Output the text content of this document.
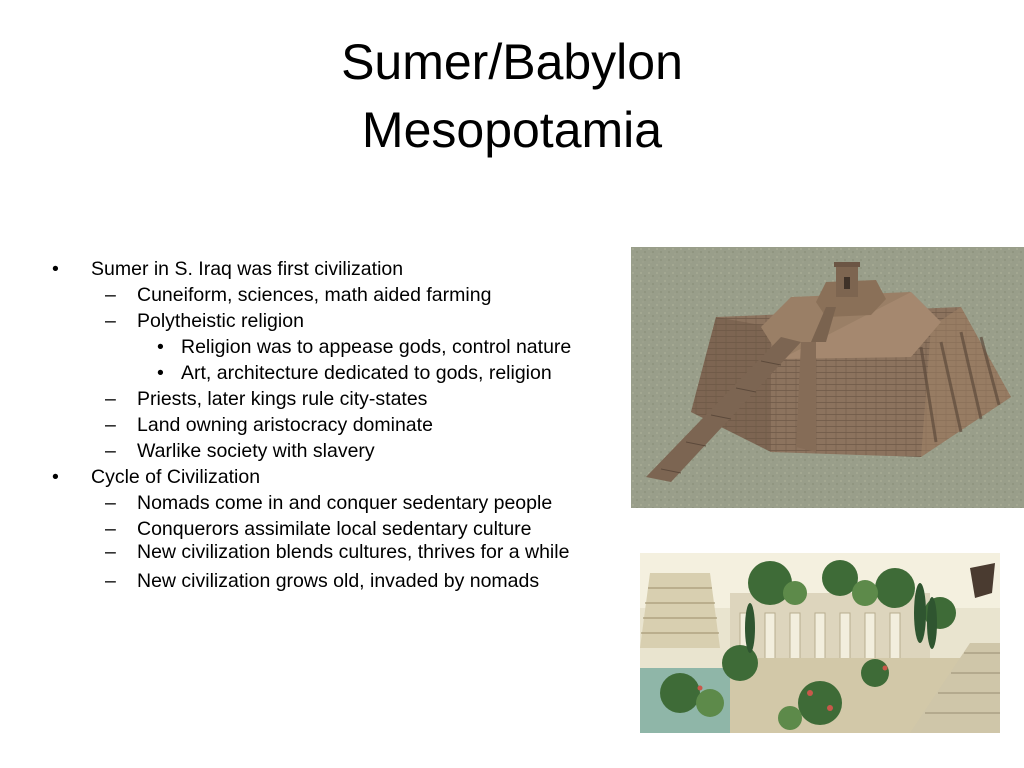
Sumer/Babylon
Mesopotamia
• Sumer in S. Iraq was first civilization
– Cuneiform, sciences, math aided farming
– Polytheistic religion
• Religion was to appease gods, control nature
• Art, architecture dedicated to gods, religion
– Priests, later kings rule city-states
– Land owning aristocracy dominate
– Warlike society with slavery
• Cycle of Civilization
– Nomads come in and conquer sedentary people
– Conquerors assimilate local sedentary culture
– New civilization blends cultures, thrives for a while
– New civilization grows old, invaded by nomads
